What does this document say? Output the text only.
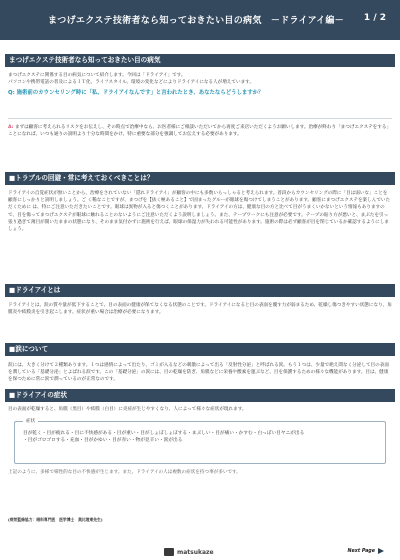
まつげエクステ技術者なら知っておきたい目の病気　－ドライアイ編－ 1 / 2
まつげエクステ技術者なら知っておきたい目の病気

まつげエクステに関係する目の病気について紹介します。今回は「ドライアイ」です。

パソコンや携帯電話の普及によるＩＴ化、ライフスタイル、環境の変化などによりドライアイになる人が増えています。

Q: 施術前のカウンセリング時に「私、ドライアイなんです」と言われたとき、あなたならどうしますか？

A: まずは顧客に考えられるリスクをお伝えし、その時点で治療中なら、お医者様にご相談いただいてから再度ご来店いただくようお願いします。治療が終わり「まつげエクステをする」ことになれば、いつも通りの説明より十分な時間をかけ、特に重要な部分を強調してお伝えする必要があります。
■トラブルの回避・常に考えておくべきことは？
ドライアイの自覚症状が無いことから、治療をされていない「隠れドライアイ」が顧客の中にも多数いらっしゃると考えられます。普段からカウンセリングの際に「目は弱いな」ことを顧客にしっかりと説明しましょう。ご く稀なことですが、まつげを【抜く極あること】で固まったグルーが眼球を傷つけてしまうことがあります。顧客にまつげエクステを楽しんでいただくために は、特にご注意いただきたいことです。眼球は異物が入ると傷つくことがあります。ドライアイの方は、健康な目の方と比べて目がうまくいかないという情報もありますので、目を傷ってまつげエクステが眼球に触れることのないようにご注意いただくよう説明しましょう。また、テープワークにも注意が必要です。テープの貼り方が悪いと、まぶたを引っ張り過ぎて薄目が開いたままの状態になり、そのまま気付かずに施術を行えば、眼球の保湿力が失われる可能性があります。施術の際は必ず顧客が目を閉じているか確認するようにしましょう。
■ドライアイとは
ドライアイとは、涙の質や量が低下することで、目の表面の健康が保てなくなる状態のことです。ドライアイになると目の表面を覆す力が弱まるため、乾燥し傷つきやすい状態になり、角膜炎や結膜炎を引き起こします。症状が重い場合は治療が必要になります。
■涙について
涙には、大きく分けて２種類あります。１つは感情によって出たり、ゴミが入るなどの刺激によって出る「反射性分泌」と呼ばれる涙。もう１つは、少量で絶え間なく分泌して目の表面を潤している「基礎分泌」とよばれる涙です。この「基礎分泌」の涙には、目の乾燥を防ぎ、角膜などに栄養や酸素を運ぶなど、目を保護するための様々な機能があります。目は、健康を保つために常に涙で潤っているのが正常なのです。
■ドライアイの症状
目の表面が乾燥すると、角膜（黒目）や結膜（白目）に炎症が生じやすくなり、人によって様々な症状が現れます。
症状

目が乾く・目が疲れる・目に不快感がある・目が重い・目がしょぼしょぼする・まぶしい・目が痛い・かすむ・白っぽい目ヤニが出る

・目がゴロゴロする・充血・目がかゆい・目が赤い・物が見辛い・涙が出る

上記のように、多様で様性的な目の不快感が生じます。また、ドライアイの人は複数の症状を持つ事が多いです。
(病気監修協力：眼科専門医　医学博士　奥比理東先生)
matsukaze	Next Page
